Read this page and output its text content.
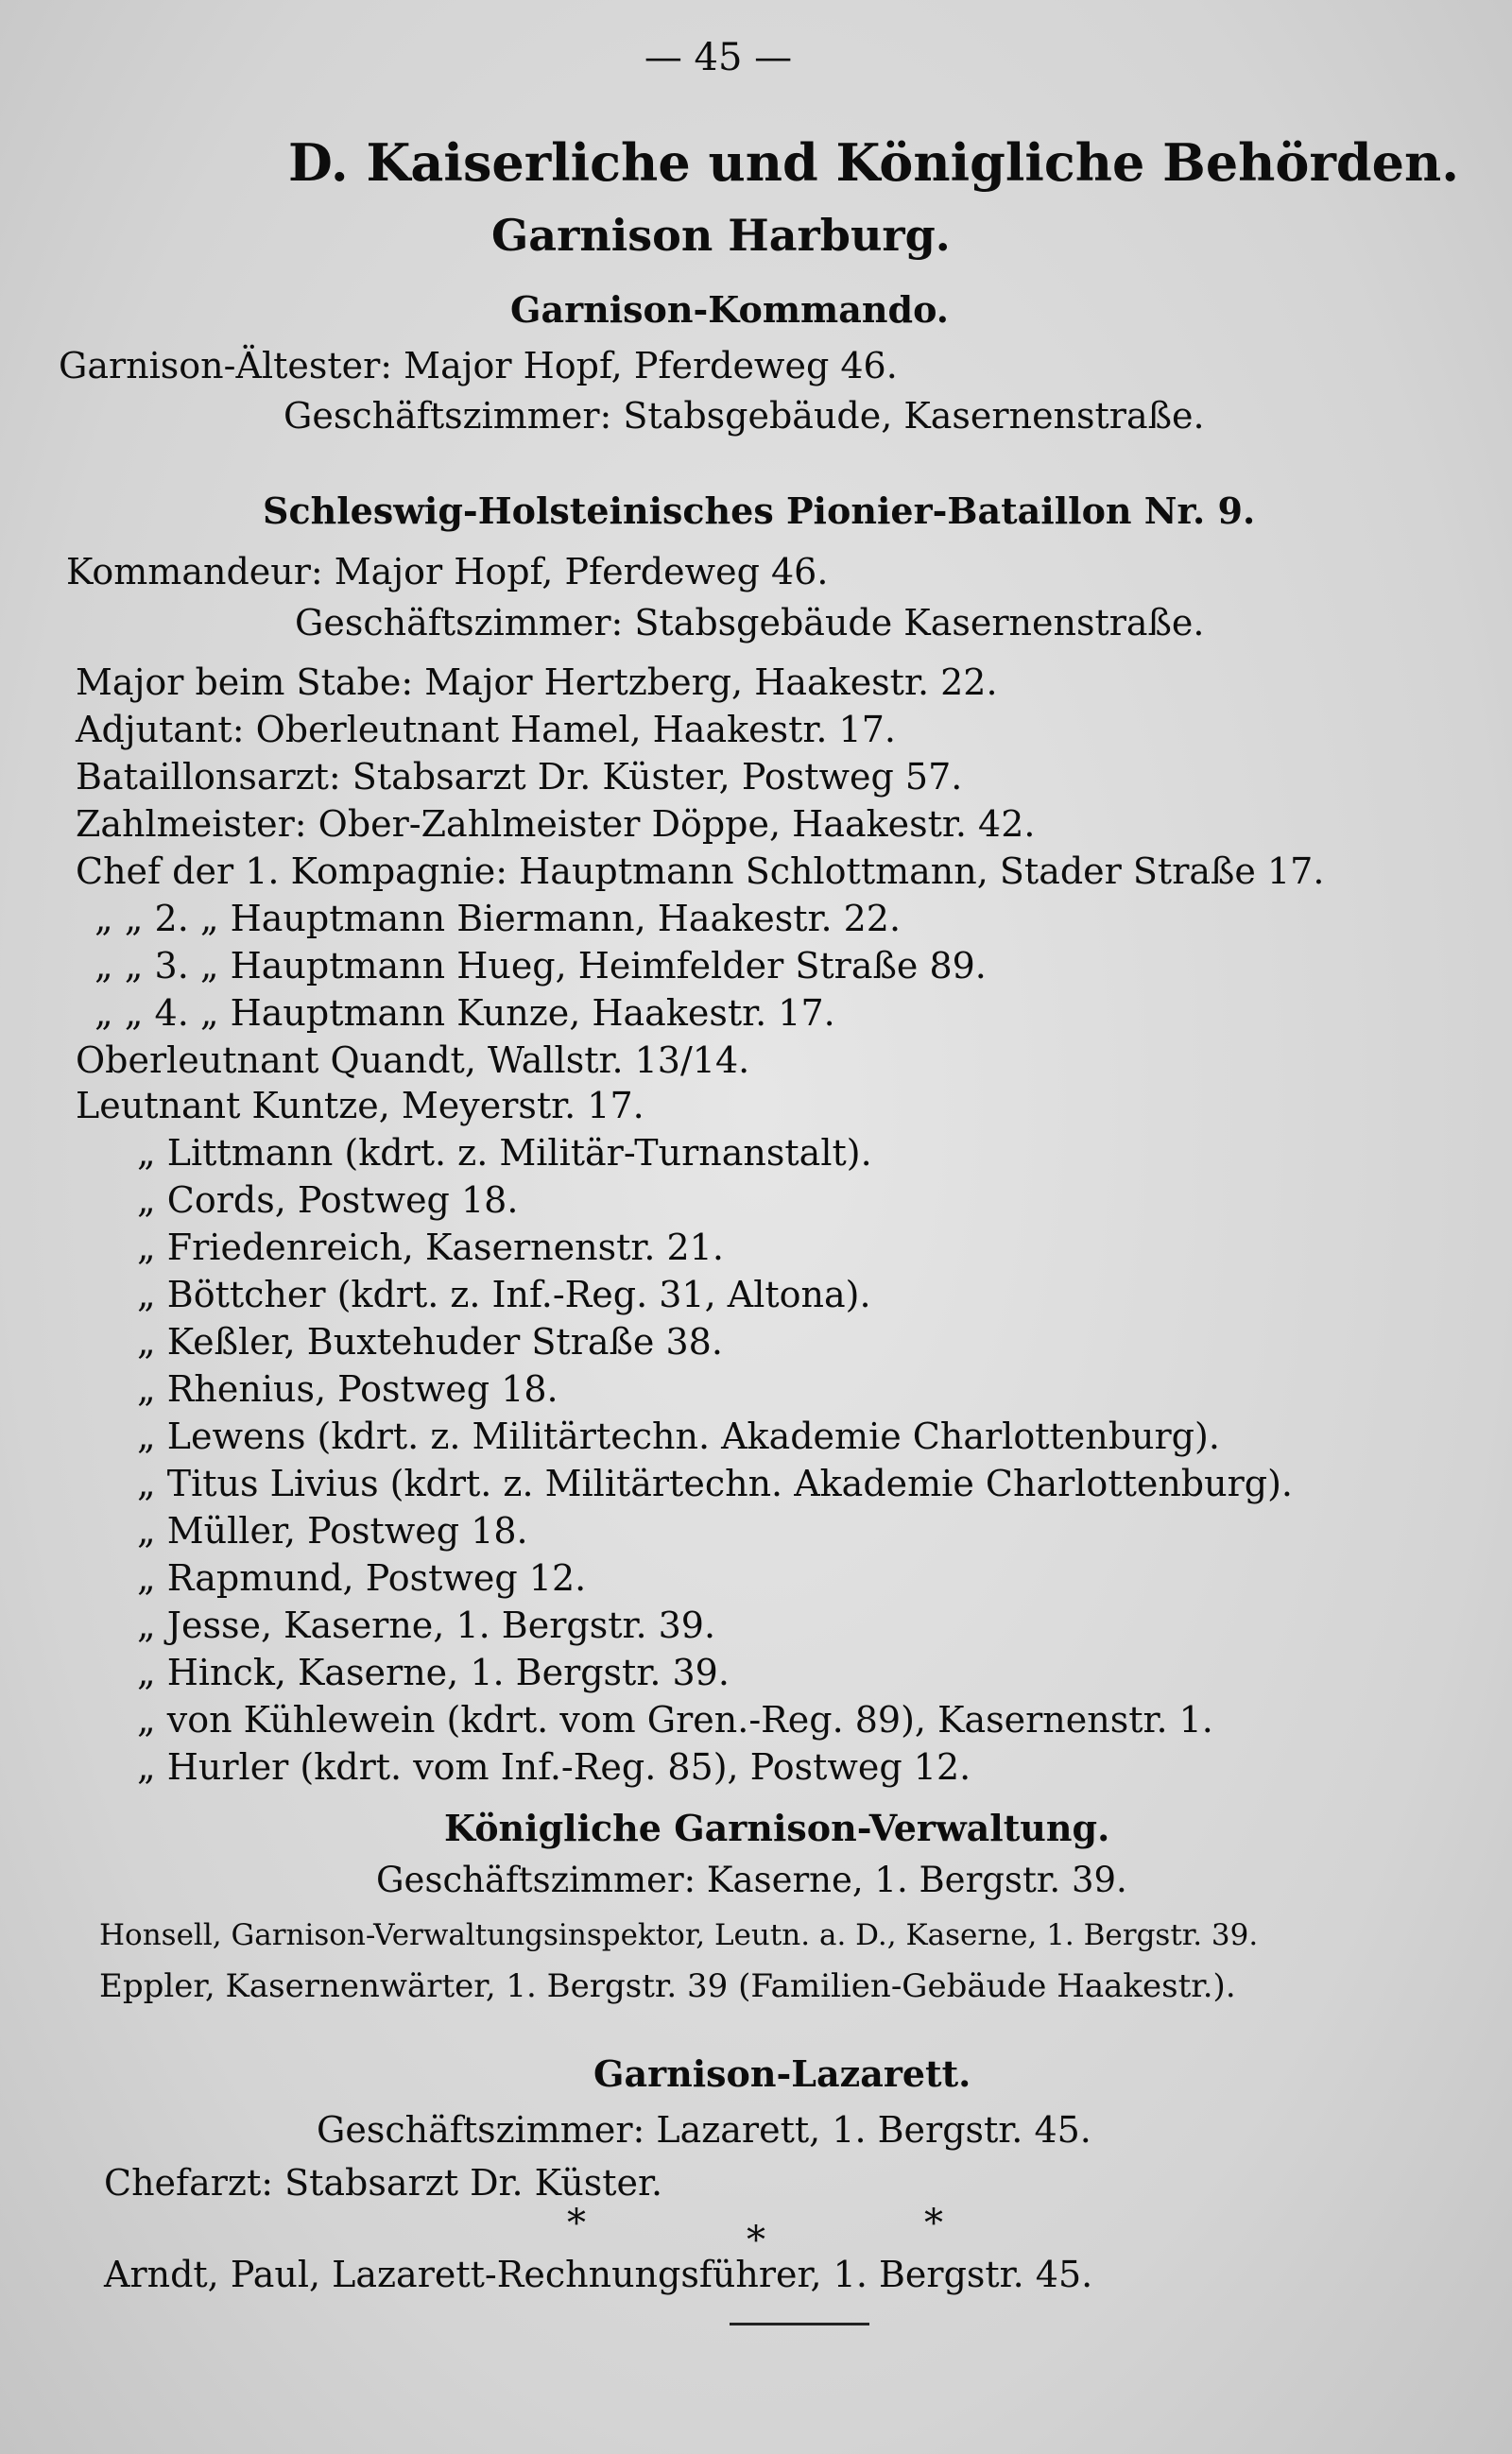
— 45 —
D. Kaiserliche und Königliche Behörden.
Garnison Harburg.
Garnison-Kommando.
Garnison-Ältester: Major Hopf, Pferdeweg 46.
Geschäftszimmer: Stabsgebäude, Kasernenstraße.
Schleswig-Holsteinisches Pionier-Bataillon Nr. 9.
Kommandeur: Major Hopf, Pferdeweg 46.
Geschäftszimmer: Stabsgebäude Kasernenstraße.
Major beim Stabe: Major Hertzberg, Haakestr. 22.
Adjutant: Oberleutnant Hamel, Haakestr. 17.
Bataillonsarzt: Stabsarzt Dr. Küster, Postweg 57.
Zahlmeister: Ober-Zahlmeister Döppe, Haakestr. 42.
Chef der 1. Kompagnie: Hauptmann Schlottmann, Stader Straße 17.
„ „ 2. „ Hauptmann Biermann, Haakestr. 22.
„ „ 3. „ Hauptmann Hueg, Heimfelder Straße 89.
„ „ 4. „ Hauptmann Kunze, Haakestr. 17.
Oberleutnant Quandt, Wallstr. 13/14.
Leutnant Kuntze, Meyerstr. 17.
„ Littmann (kdrt. z. Militär-Turnanstalt).
„ Cords, Postweg 18.
„ Friedenreich, Kasernenstr. 21.
„ Böttcher (kdrt. z. Inf.-Reg. 31, Altona).
„ Keßler, Buxtehuder Straße 38.
„ Rhenius, Postweg 18.
„ Lewens (kdrt. z. Militärtechn. Akademie Charlottenburg).
„ Titus Livius (kdrt. z. Militärtechn. Akademie Charlottenburg).
„ Müller, Postweg 18.
„ Rapmund, Postweg 12.
„ Jesse, Kaserne, 1. Bergstr. 39.
„ Hinck, Kaserne, 1. Bergstr. 39.
„ von Kühlewein (kdrt. vom Gren.-Reg. 89), Kasernenstr. 1.
„ Hurler (kdrt. vom Inf.-Reg. 85), Postweg 12.
Königliche Garnison-Verwaltung.
Geschäftszimmer: Kaserne, 1. Bergstr. 39.
Honsell, Garnison-Verwaltungsinspektor, Leutn. a. D., Kaserne, 1. Bergstr. 39.
Eppler, Kasernenwärter, 1. Bergstr. 39 (Familien-Gebäude Haakestr.).
Garnison-Lazarett.
Geschäftszimmer: Lazarett, 1. Bergstr. 45.
Chefarzt: Stabsarzt Dr. Küster.
*	*	*
Arndt, Paul, Lazarett-Rechnungsführer, 1. Bergstr. 45.
